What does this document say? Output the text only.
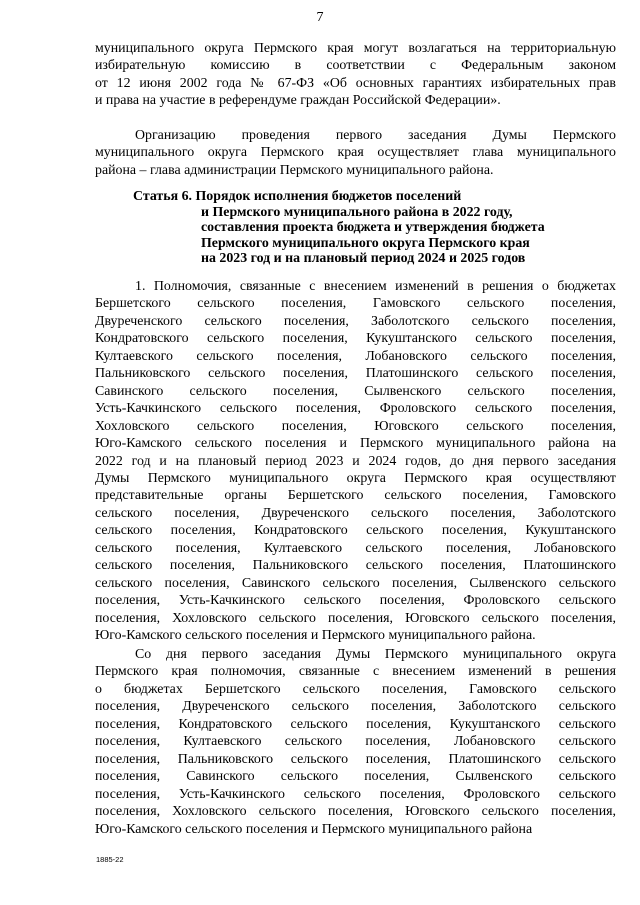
7
муниципального округа Пермского края могут возлагаться на территориальную
избирательную комиссию в соответствии с Федеральным законом
от 12 июня 2002 года № 67-ФЗ «Об основных гарантиях избирательных прав
и права на участие в референдуме граждан Российской Федерации».
Организацию проведения первого заседания Думы Пермского
муниципального округа Пермского края осуществляет глава муниципального
района – глава администрации Пермского муниципального района.
Статья 6. Порядок исполнения бюджетов поселений
и Пермского муниципального района в 2022 году,
составления проекта бюджета и утверждения бюджета
Пермского муниципального округа Пермского края
на 2023 год и на плановый период 2024 и 2025 годов
1. Полномочия, связанные с внесением изменений в решения о бюджетах
Бершетского сельского поселения, Гамовского сельского поселения,
Двуреченского сельского поселения, Заболотского сельского поселения,
Кондратовского сельского поселения, Кукуштанского сельского поселения,
Култаевского сельского поселения, Лобановского сельского поселения,
Пальниковского сельского поселения, Платошинского сельского поселения,
Савинского сельского поселения, Сылвенского сельского поселения,
Усть-Качкинского сельского поселения, Фроловского сельского поселения,
Хохловского сельского поселения, Юговского сельского поселения,
Юго-Камского сельского поселения и Пермского муниципального района на
2022 год и на плановый период 2023 и 2024 годов, до дня первого заседания
Думы Пермского муниципального округа Пермского края осуществляют
представительные органы Бершетского сельского поселения, Гамовского
сельского поселения, Двуреченского сельского поселения, Заболотского
сельского поселения, Кондратовского сельского поселения, Кукуштанского
сельского поселения, Култаевского сельского поселения, Лобановского
сельского поселения, Пальниковского сельского поселения, Платошинского
сельского поселения, Савинского сельского поселения, Сылвенского сельского
поселения, Усть-Качкинского сельского поселения, Фроловского сельского
поселения, Хохловского сельского поселения, Юговского сельского поселения,
Юго-Камского сельского поселения и Пермского муниципального района.
Со дня первого заседания Думы Пермского муниципального округа
Пермского края полномочия, связанные с внесением изменений в решения
о бюджетах Бершетского сельского поселения, Гамовского сельского
поселения, Двуреченского сельского поселения, Заболотского сельского
поселения, Кондратовского сельского поселения, Кукуштанского сельского
поселения, Култаевского сельского поселения, Лобановского сельского
поселения, Пальниковского сельского поселения, Платошинского сельского
поселения, Савинского сельского поселения, Сылвенского сельского
поселения, Усть-Качкинского сельского поселения, Фроловского сельского
поселения, Хохловского сельского поселения, Юговского сельского поселения,
Юго-Камского сельского поселения и Пермского муниципального района
1885-22
